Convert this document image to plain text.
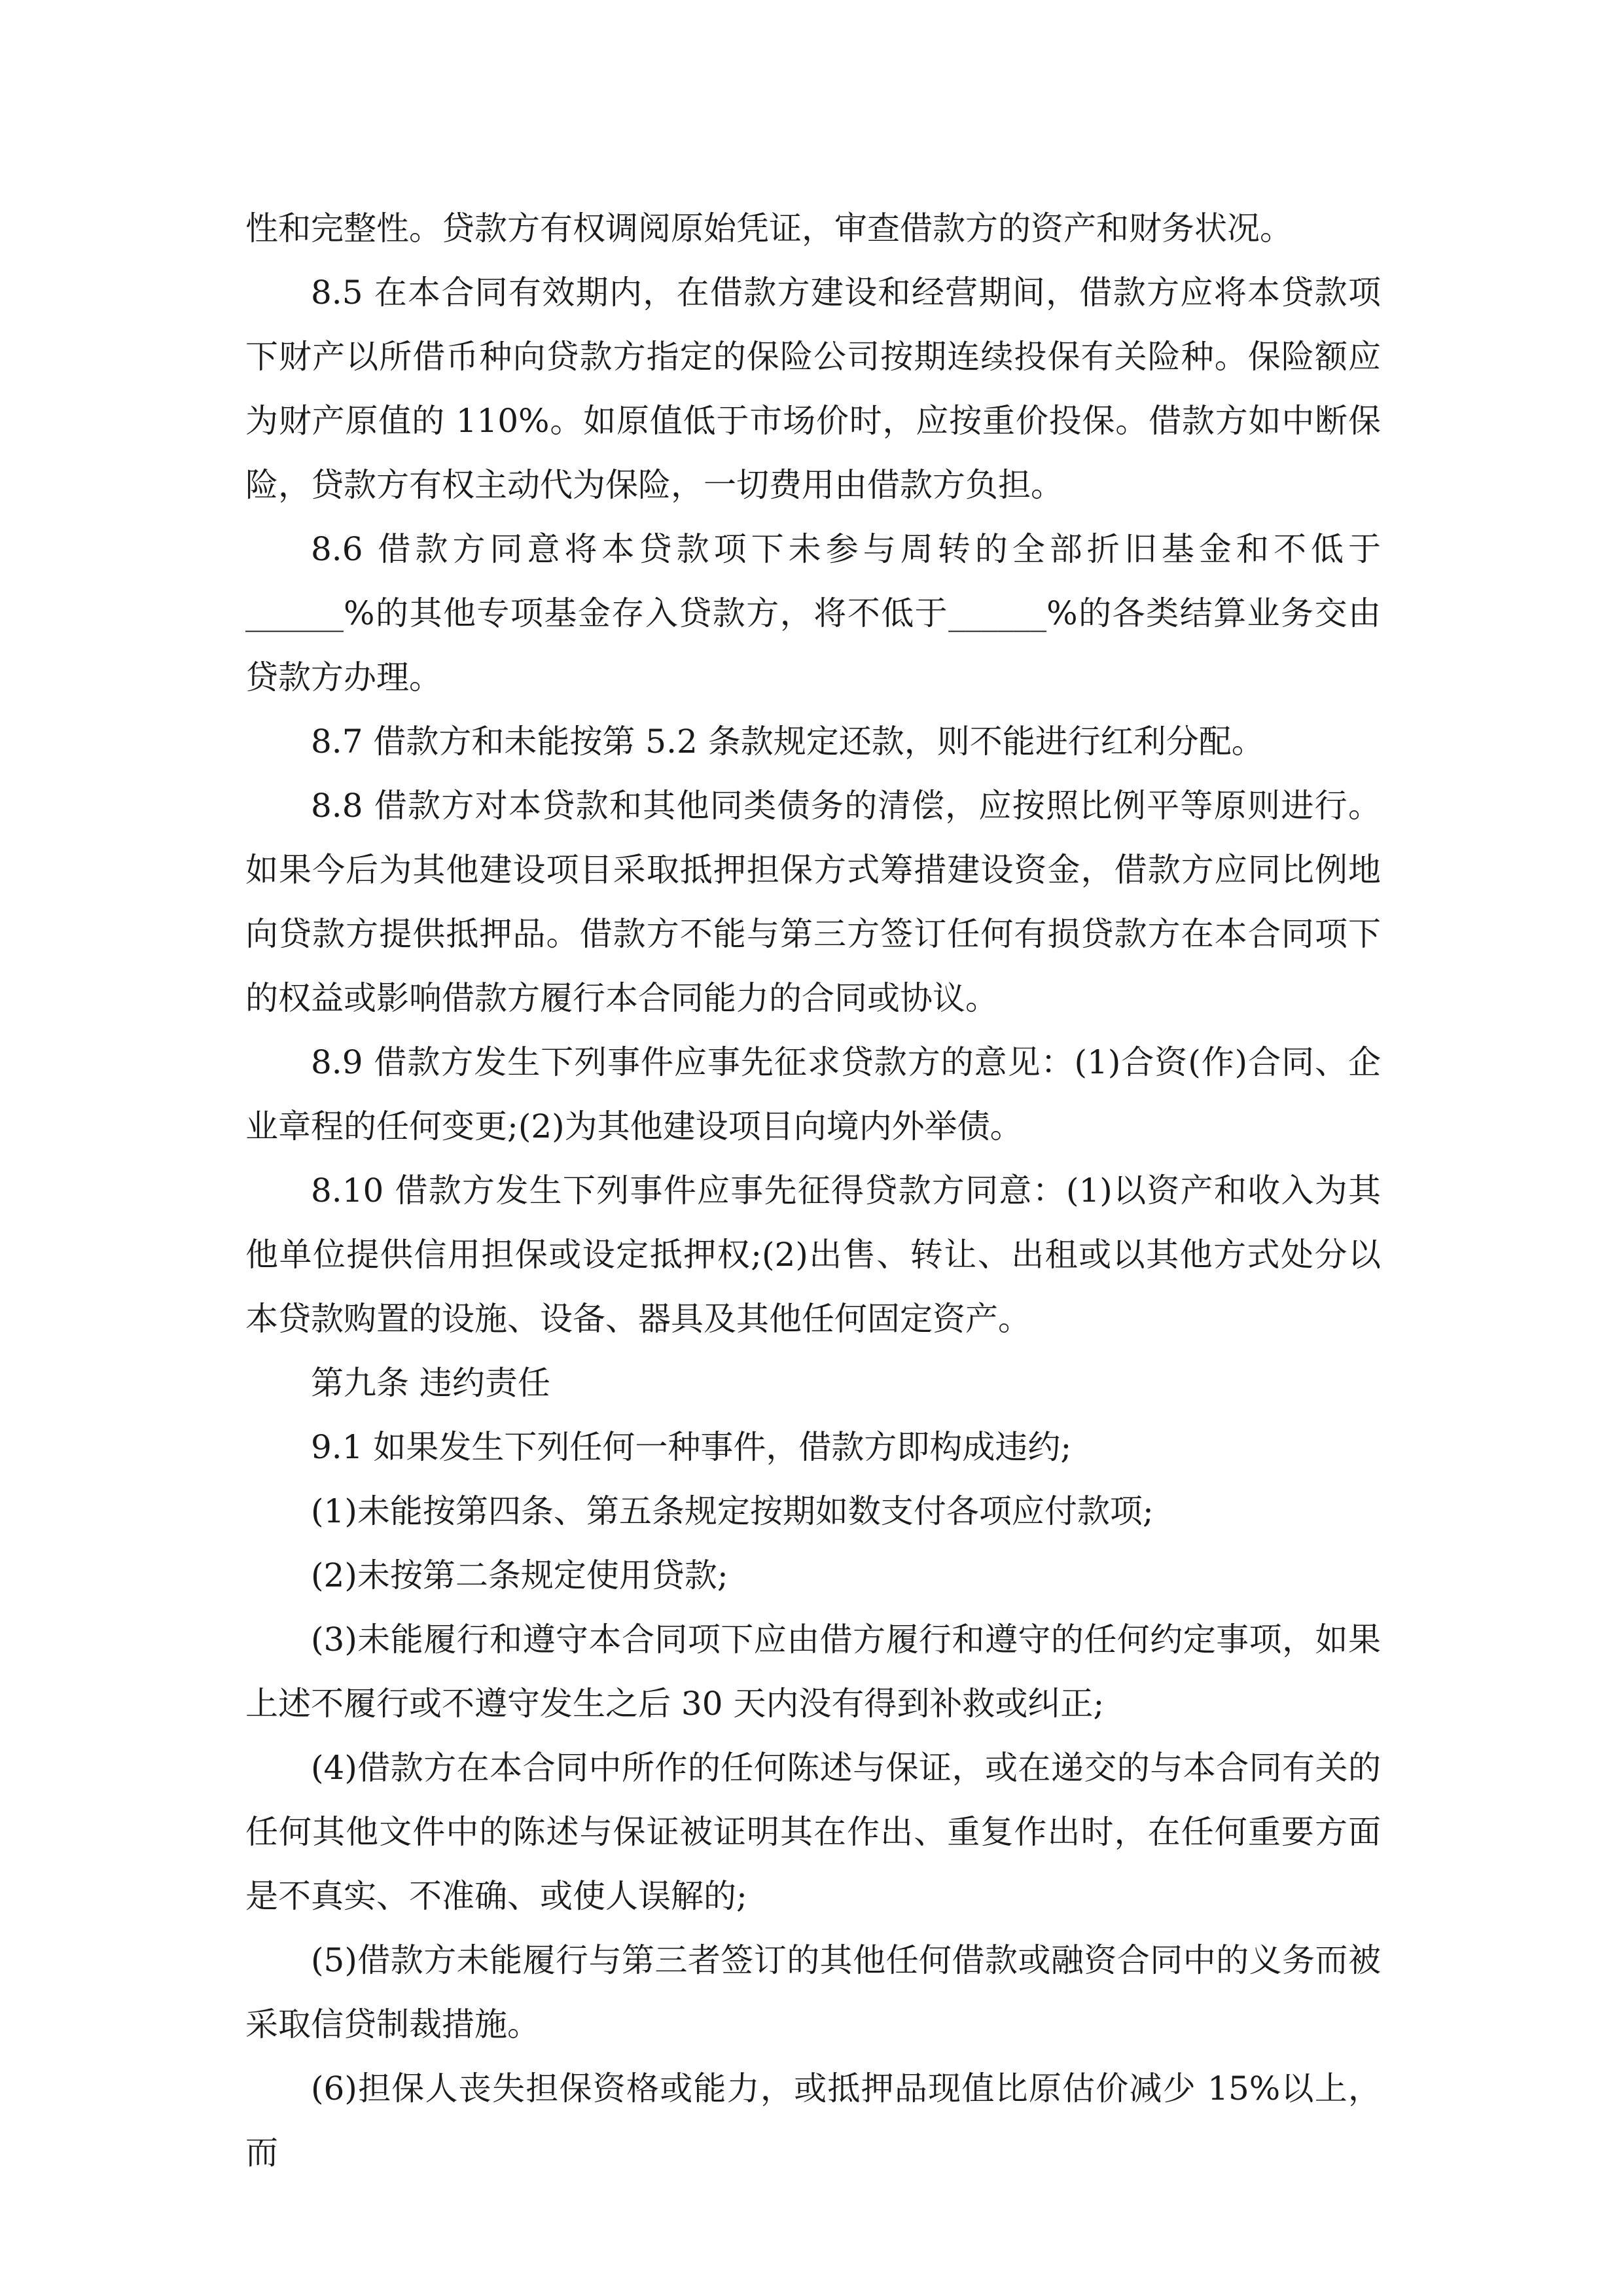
性和完整性。贷款方有权调阅原始凭证，审查借款方的资产和财务状况。

8.5 在本合同有效期内，在借款方建设和经营期间，借款方应将本贷款项下财产以所借币种向贷款方指定的保险公司按期连续投保有关险种。保险额应为财产原值的 110%。如原值低于市场价时，应按重价投保。借款方如中断保险，贷款方有权主动代为保险，一切费用由借款方负担。

8.6 借款方同意将本贷款项下未参与周转的全部折旧基金和不低于______%的其他专项基金存入贷款方，将不低于______%的各类结算业务交由贷款方办理。

8.7 借款方和未能按第 5.2 条款规定还款，则不能进行红利分配。

8.8 借款方对本贷款和其他同类债务的清偿，应按照比例平等原则进行。如果今后为其他建设项目采取抵押担保方式筹措建设资金，借款方应同比例地向贷款方提供抵押品。借款方不能与第三方签订任何有损贷款方在本合同项下的权益或影响借款方履行本合同能力的合同或协议。

8.9 借款方发生下列事件应事先征求贷款方的意见：(1)合资(作)合同、企业章程的任何变更;(2)为其他建设项目向境内外举债。

8.10 借款方发生下列事件应事先征得贷款方同意：(1)以资产和收入为其他单位提供信用担保或设定抵押权;(2)出售、转让、出租或以其他方式处分以本贷款购置的设施、设备、器具及其他任何固定资产。

第九条 违约责任

9.1 如果发生下列任何一种事件，借款方即构成违约;

(1)未能按第四条、第五条规定按期如数支付各项应付款项;

(2)未按第二条规定使用贷款;

(3)未能履行和遵守本合同项下应由借方履行和遵守的任何约定事项，如果上述不履行或不遵守发生之后 30 天内没有得到补救或纠正;

(4)借款方在本合同中所作的任何陈述与保证，或在递交的与本合同有关的任何其他文件中的陈述与保证被证明其在作出、重复作出时，在任何重要方面是不真实、不准确、或使人误解的;

(5)借款方未能履行与第三者签订的其他任何借款或融资合同中的义务而被采取信贷制裁措施。

(6)担保人丧失担保资格或能力，或抵押品现值比原估价减少 15%以上，而
